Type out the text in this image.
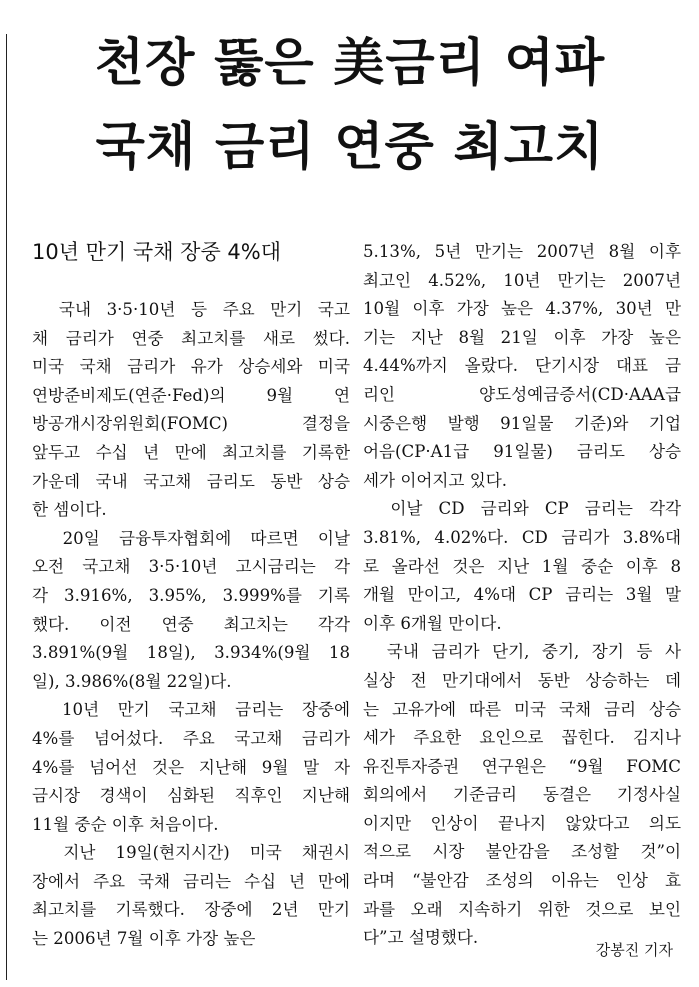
천장 뚫은 美금리 여파
국채 금리 연중 최고치
10년 만기 국채 장중 4%대
　국내 3·5·10년 등 주요 만기 국고
채 금리가 연중 최고치를 새로 썼다.
미국 국채 금리가 유가 상승세와 미국
연방준비제도(연준·Fed)의 9월 연
방공개시장위원회(FOMC) 결정을
앞두고 수십 년 만에 최고치를 기록한
가운데 국내 국고채 금리도 동반 상승
한 셈이다.
　20일 금융투자협회에 따르면 이날
오전 국고채 3·5·10년 고시금리는 각
각 3.916%, 3.95%, 3.999%를 기록
했다. 이전 연중 최고치는 각각
3.891%(9월 18일), 3.934%(9월 18
일), 3.986%(8월 22일)다.
　10년 만기 국고채 금리는 장중에
4%를 넘어섰다. 주요 국고채 금리가
4%를 넘어선 것은 지난해 9월 말 자
금시장 경색이 심화된 직후인 지난해
11월 중순 이후 처음이다.
　지난 19일(현지시간) 미국 채권시
장에서 주요 국채 금리는 수십 년 만에
최고치를 기록했다. 장중에 2년 만기
는 2006년 7월 이후 가장 높은
5.13%, 5년 만기는 2007년 8월 이후
최고인 4.52%, 10년 만기는 2007년
10월 이후 가장 높은 4.37%, 30년 만
기는 지난 8월 21일 이후 가장 높은
4.44%까지 올랐다. 단기시장 대표 금
리인 양도성예금증서(CD·AAA급
시중은행 발행 91일물 기준)와 기업
어음(CP·A1급 91일물) 금리도 상승
세가 이어지고 있다.
　이날 CD 금리와 CP 금리는 각각
3.81%, 4.02%다. CD 금리가 3.8%대
로 올라선 것은 지난 1월 중순 이후 8
개월 만이고, 4%대 CP 금리는 3월 말
이후 6개월 만이다.
　국내 금리가 단기, 중기, 장기 등 사
실상 전 만기대에서 동반 상승하는 데
는 고유가에 따른 미국 국채 금리 상승
세가 주요한 요인으로 꼽힌다. 김지나
유진투자증권 연구원은 “9월 FOMC
회의에서 기준금리 동결은 기정사실
이지만 인상이 끝나지 않았다고 의도
적으로 시장 불안감을 조성할 것”이
라며 “불안감 조성의 이유는 인상 효
과를 오래 지속하기 위한 것으로 보인
다”고 설명했다.
강봉진 기자
